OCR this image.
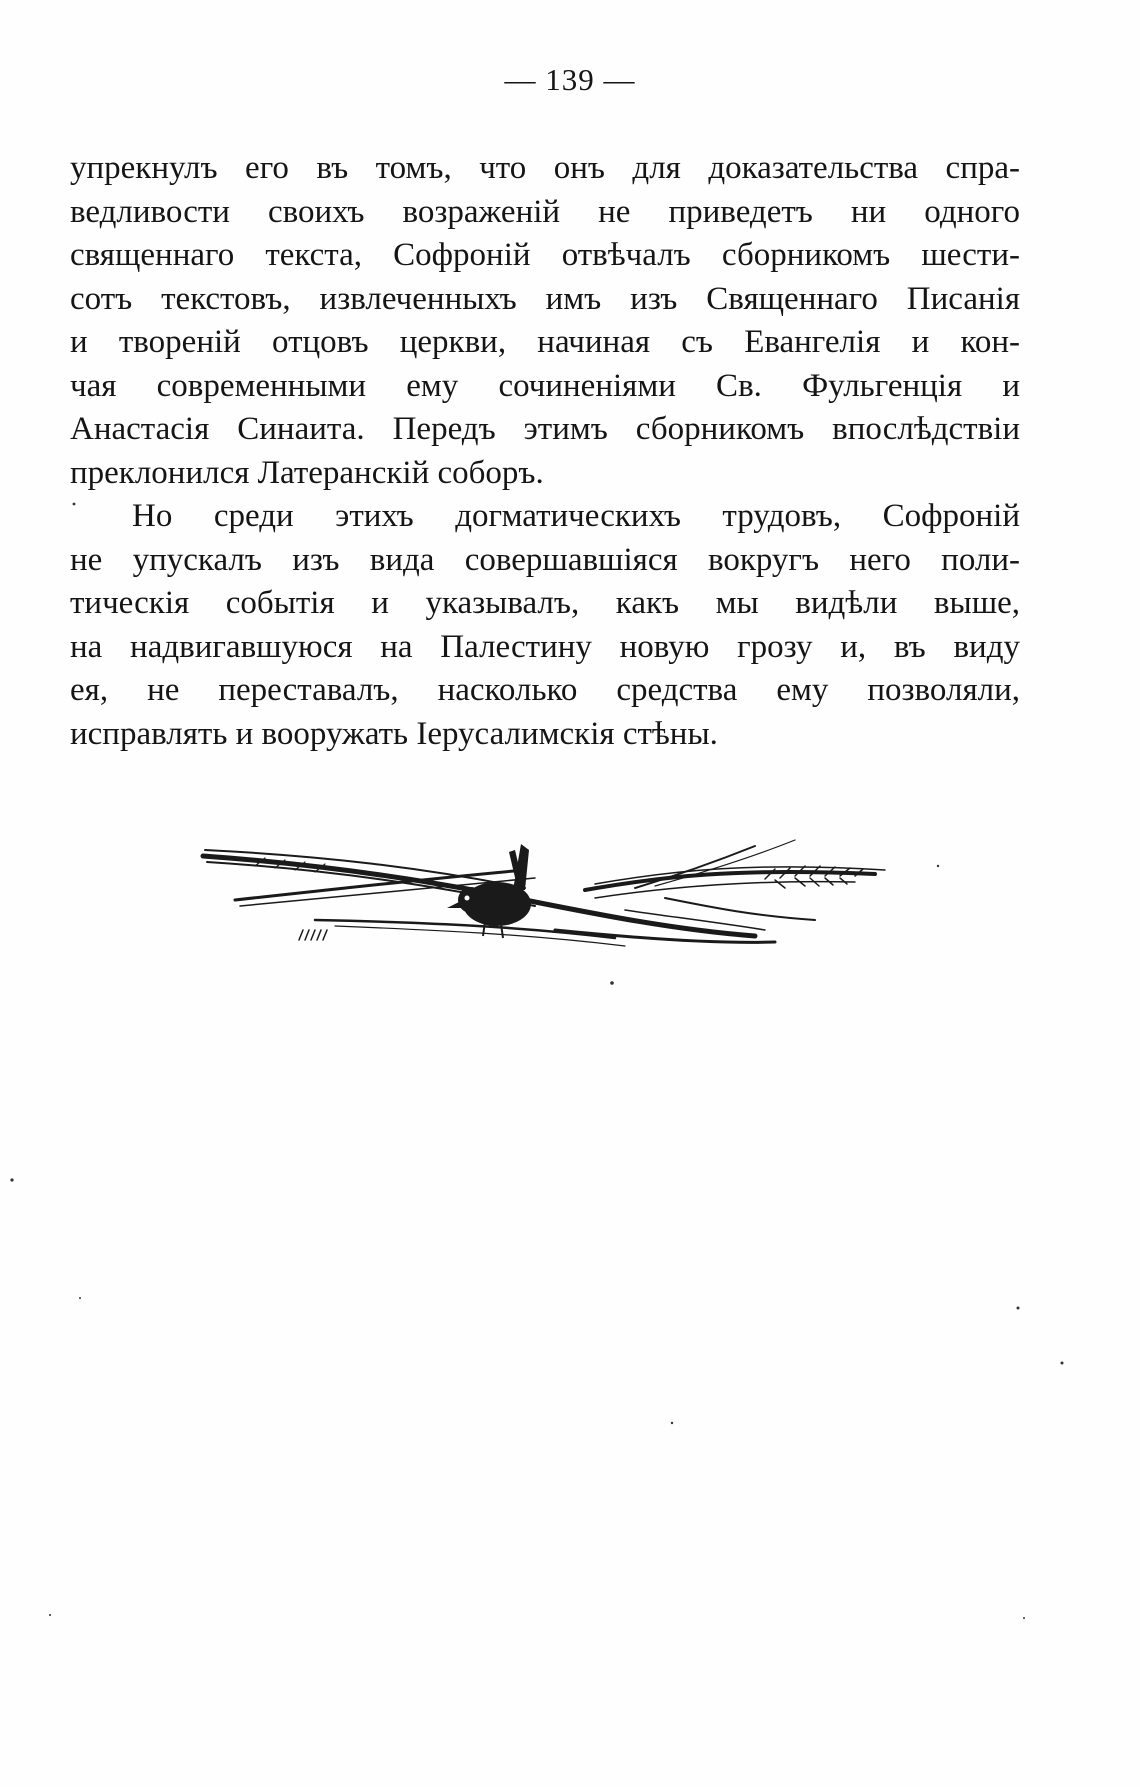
— 139 —
упрекнулъ его въ томъ, что онъ для доказательства спра-
ведливости своихъ возраженій не приведетъ ни одного
священнаго текста, Софроній отвѣчалъ сборникомъ шести-
сотъ текстовъ, извлеченныхъ имъ изъ Священнаго Писанія
и твореній отцовъ церкви, начиная съ Евангелія и кон-
чая современными ему сочиненіями Св. Фульгенція и
Анастасія Синаита. Передъ этимъ сборникомъ впослѣдствіи
преклонился Латеранскій соборъ.
Но среди этихъ догматическихъ трудовъ, Софроній
не упускалъ изъ вида совершавшіяся вокругъ него поли-
тическія событія и указывалъ, какъ мы видѣли выше,
на надвигавшуюся на Палестину новую грозу и, въ виду
ея, не переставалъ, насколько средства ему позволяли,
исправлять и вооружать Іерусалимскія стѣны.
